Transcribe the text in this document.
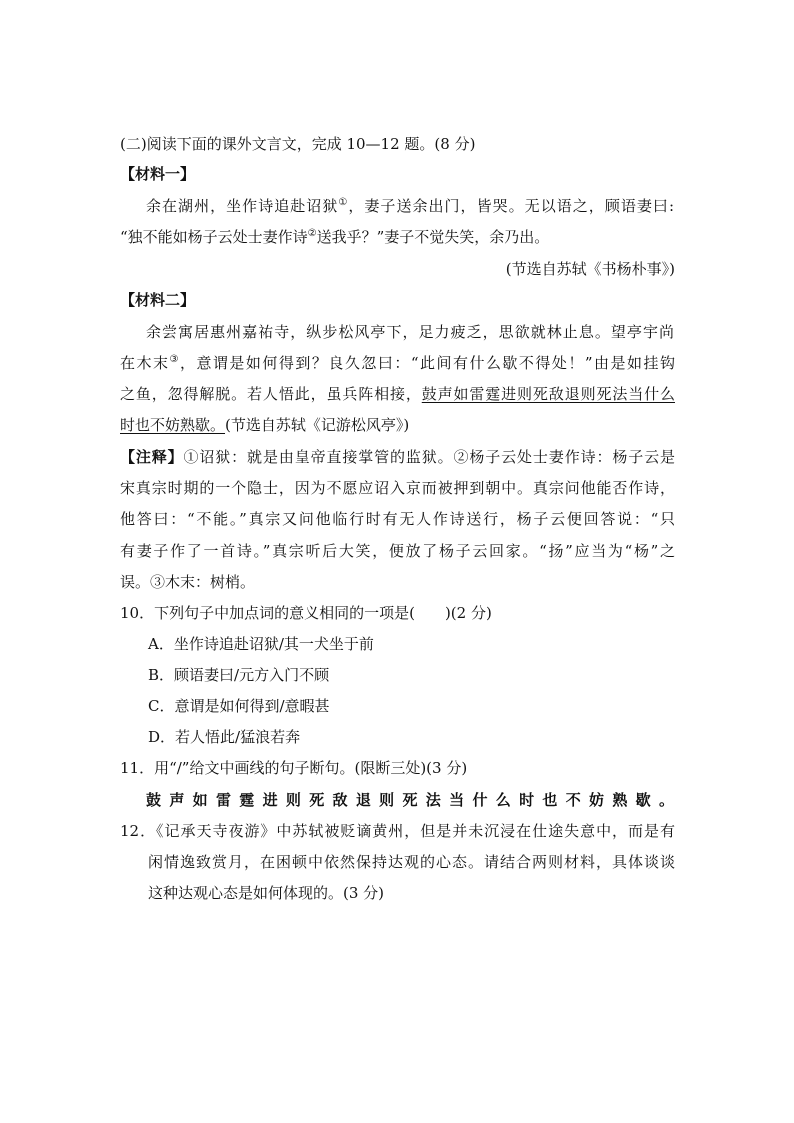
(二)阅读下面的课外文言文，完成 10—12 题。(8 分)
【材料一】
余在湖州，坐作诗追赴诏狱①，妻子送余出门，皆哭。无以语之，顾语妻曰:
“独不能如杨子云处士妻作诗②送我乎？”妻子不觉失笑，余乃出。
(节选自苏轼《书杨朴事》)
【材料二】
余尝寓居惠州嘉祐寺，纵步松风亭下，足力疲乏，思欲就林止息。望亭宇尚
在木末③，意谓是如何得到？良久忽曰：“此间有什么歇不得处！”由是如挂钩
之鱼，忽得解脱。若人悟此，虽兵阵相接，鼓声如雷霆进则死敌退则死法当什么
时也不妨熟歇。(节选自苏轼《记游松风亭》)
【注释】①诏狱：就是由皇帝直接掌管的监狱。②杨子云处士妻作诗：杨子云是
宋真宗时期的一个隐士，因为不愿应诏入京而被押到朝中。真宗问他能否作诗，
他答曰：“不能。”真宗又问他临行时有无人作诗送行，杨子云便回答说：“只
有妻子作了一首诗。”真宗听后大笑，便放了杨子云回家。“扬”应当为“杨”之
误。③木末：树梢。
10．下列句子中加点词的意义相同的一项是(　　)(2 分)
A．坐作诗追赴诏狱/其一犬坐于前
B．顾语妻曰/元方入门不顾
C．意谓是如何得到/意暇甚
D．若人悟此/猛浪若奔
11．用“/”给文中画线的句子断句。(限断三处)(3 分)
鼓声如雷霆进则死敌退则死法当什么时也不妨熟歇。
12．《记承天寺夜游》中苏轼被贬谪黄州，但是并未沉浸在仕途失意中，而是有
闲情逸致赏月，在困顿中依然保持达观的心态。请结合两则材料，具体谈谈
这种达观心态是如何体现的。(3 分)
